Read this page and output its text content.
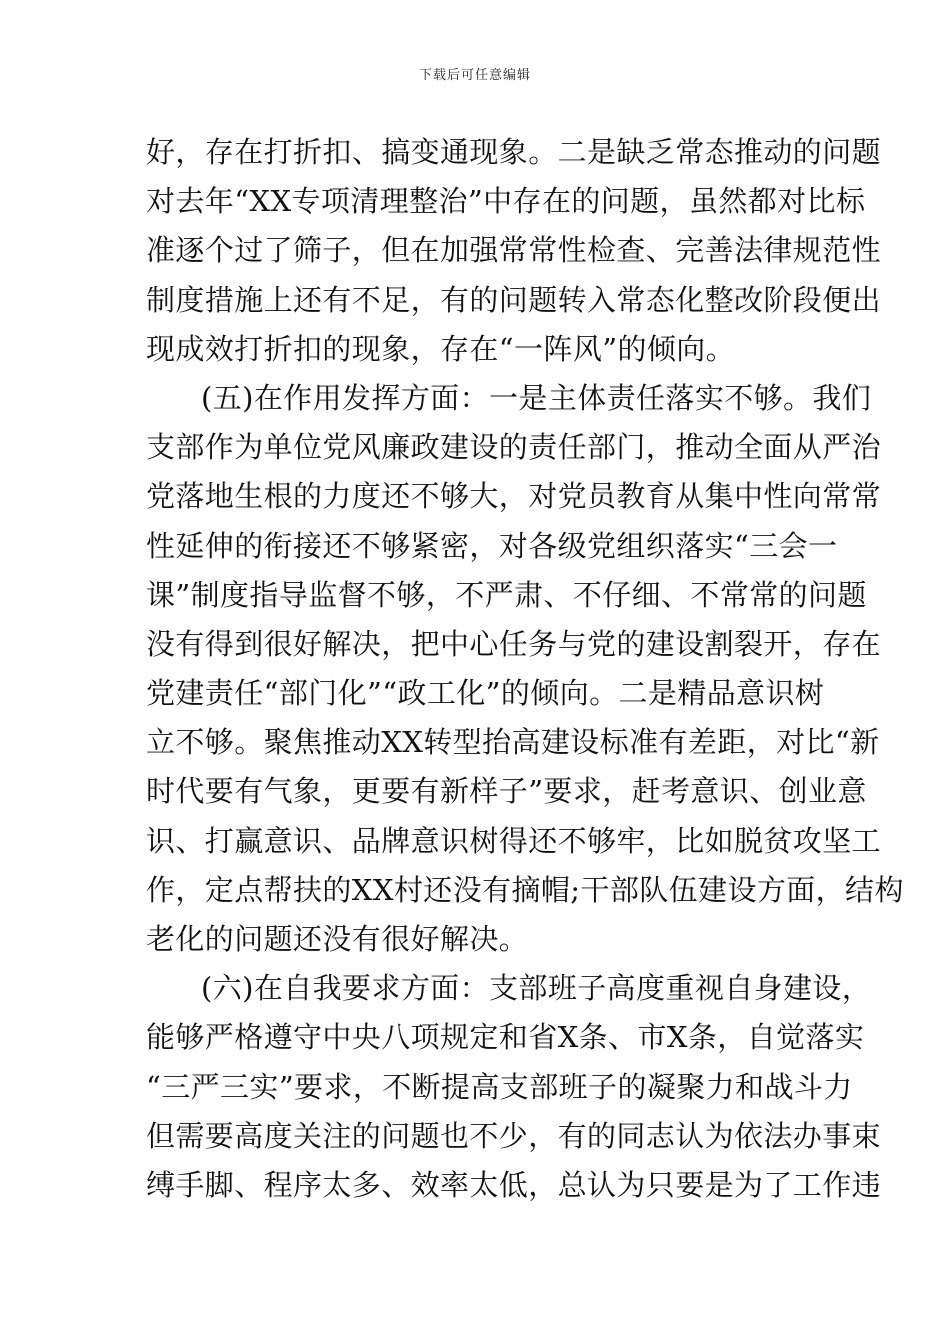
下载后可任意编辑
好，存在打折扣、搞变通现象。二是缺乏常态推动的问题
对去年“XX专项清理整治”中存在的问题，虽然都对比标
准逐个过了筛子，但在加强常常性检查、完善法律规范性
制度措施上还有不足，有的问题转入常态化整改阶段便出
现成效打折扣的现象，存在“一阵风”的倾向。
(五)在作用发挥方面：一是主体责任落实不够。我们
支部作为单位党风廉政建设的责任部门，推动全面从严治
党落地生根的力度还不够大，对党员教育从集中性向常常
性延伸的衔接还不够紧密，对各级党组织落实“三会一
课”制度指导监督不够，不严肃、不仔细、不常常的问题
没有得到很好解决，把中心任务与党的建设割裂开，存在
党建责任“部门化”“政工化”的倾向。二是精品意识树
立不够。聚焦推动XX转型抬高建设标准有差距，对比“新
时代要有气象，更要有新样子”要求，赶考意识、创业意
识、打赢意识、品牌意识树得还不够牢，比如脱贫攻坚工
作，定点帮扶的XX村还没有摘帽;干部队伍建设方面，结构
老化的问题还没有很好解决。
(六)在自我要求方面：支部班子高度重视自身建设，
能够严格遵守中央八项规定和省X条、市X条，自觉落实
“三严三实”要求，不断提高支部班子的凝聚力和战斗力
但需要高度关注的问题也不少，有的同志认为依法办事束
缚手脚、程序太多、效率太低，总认为只要是为了工作违
